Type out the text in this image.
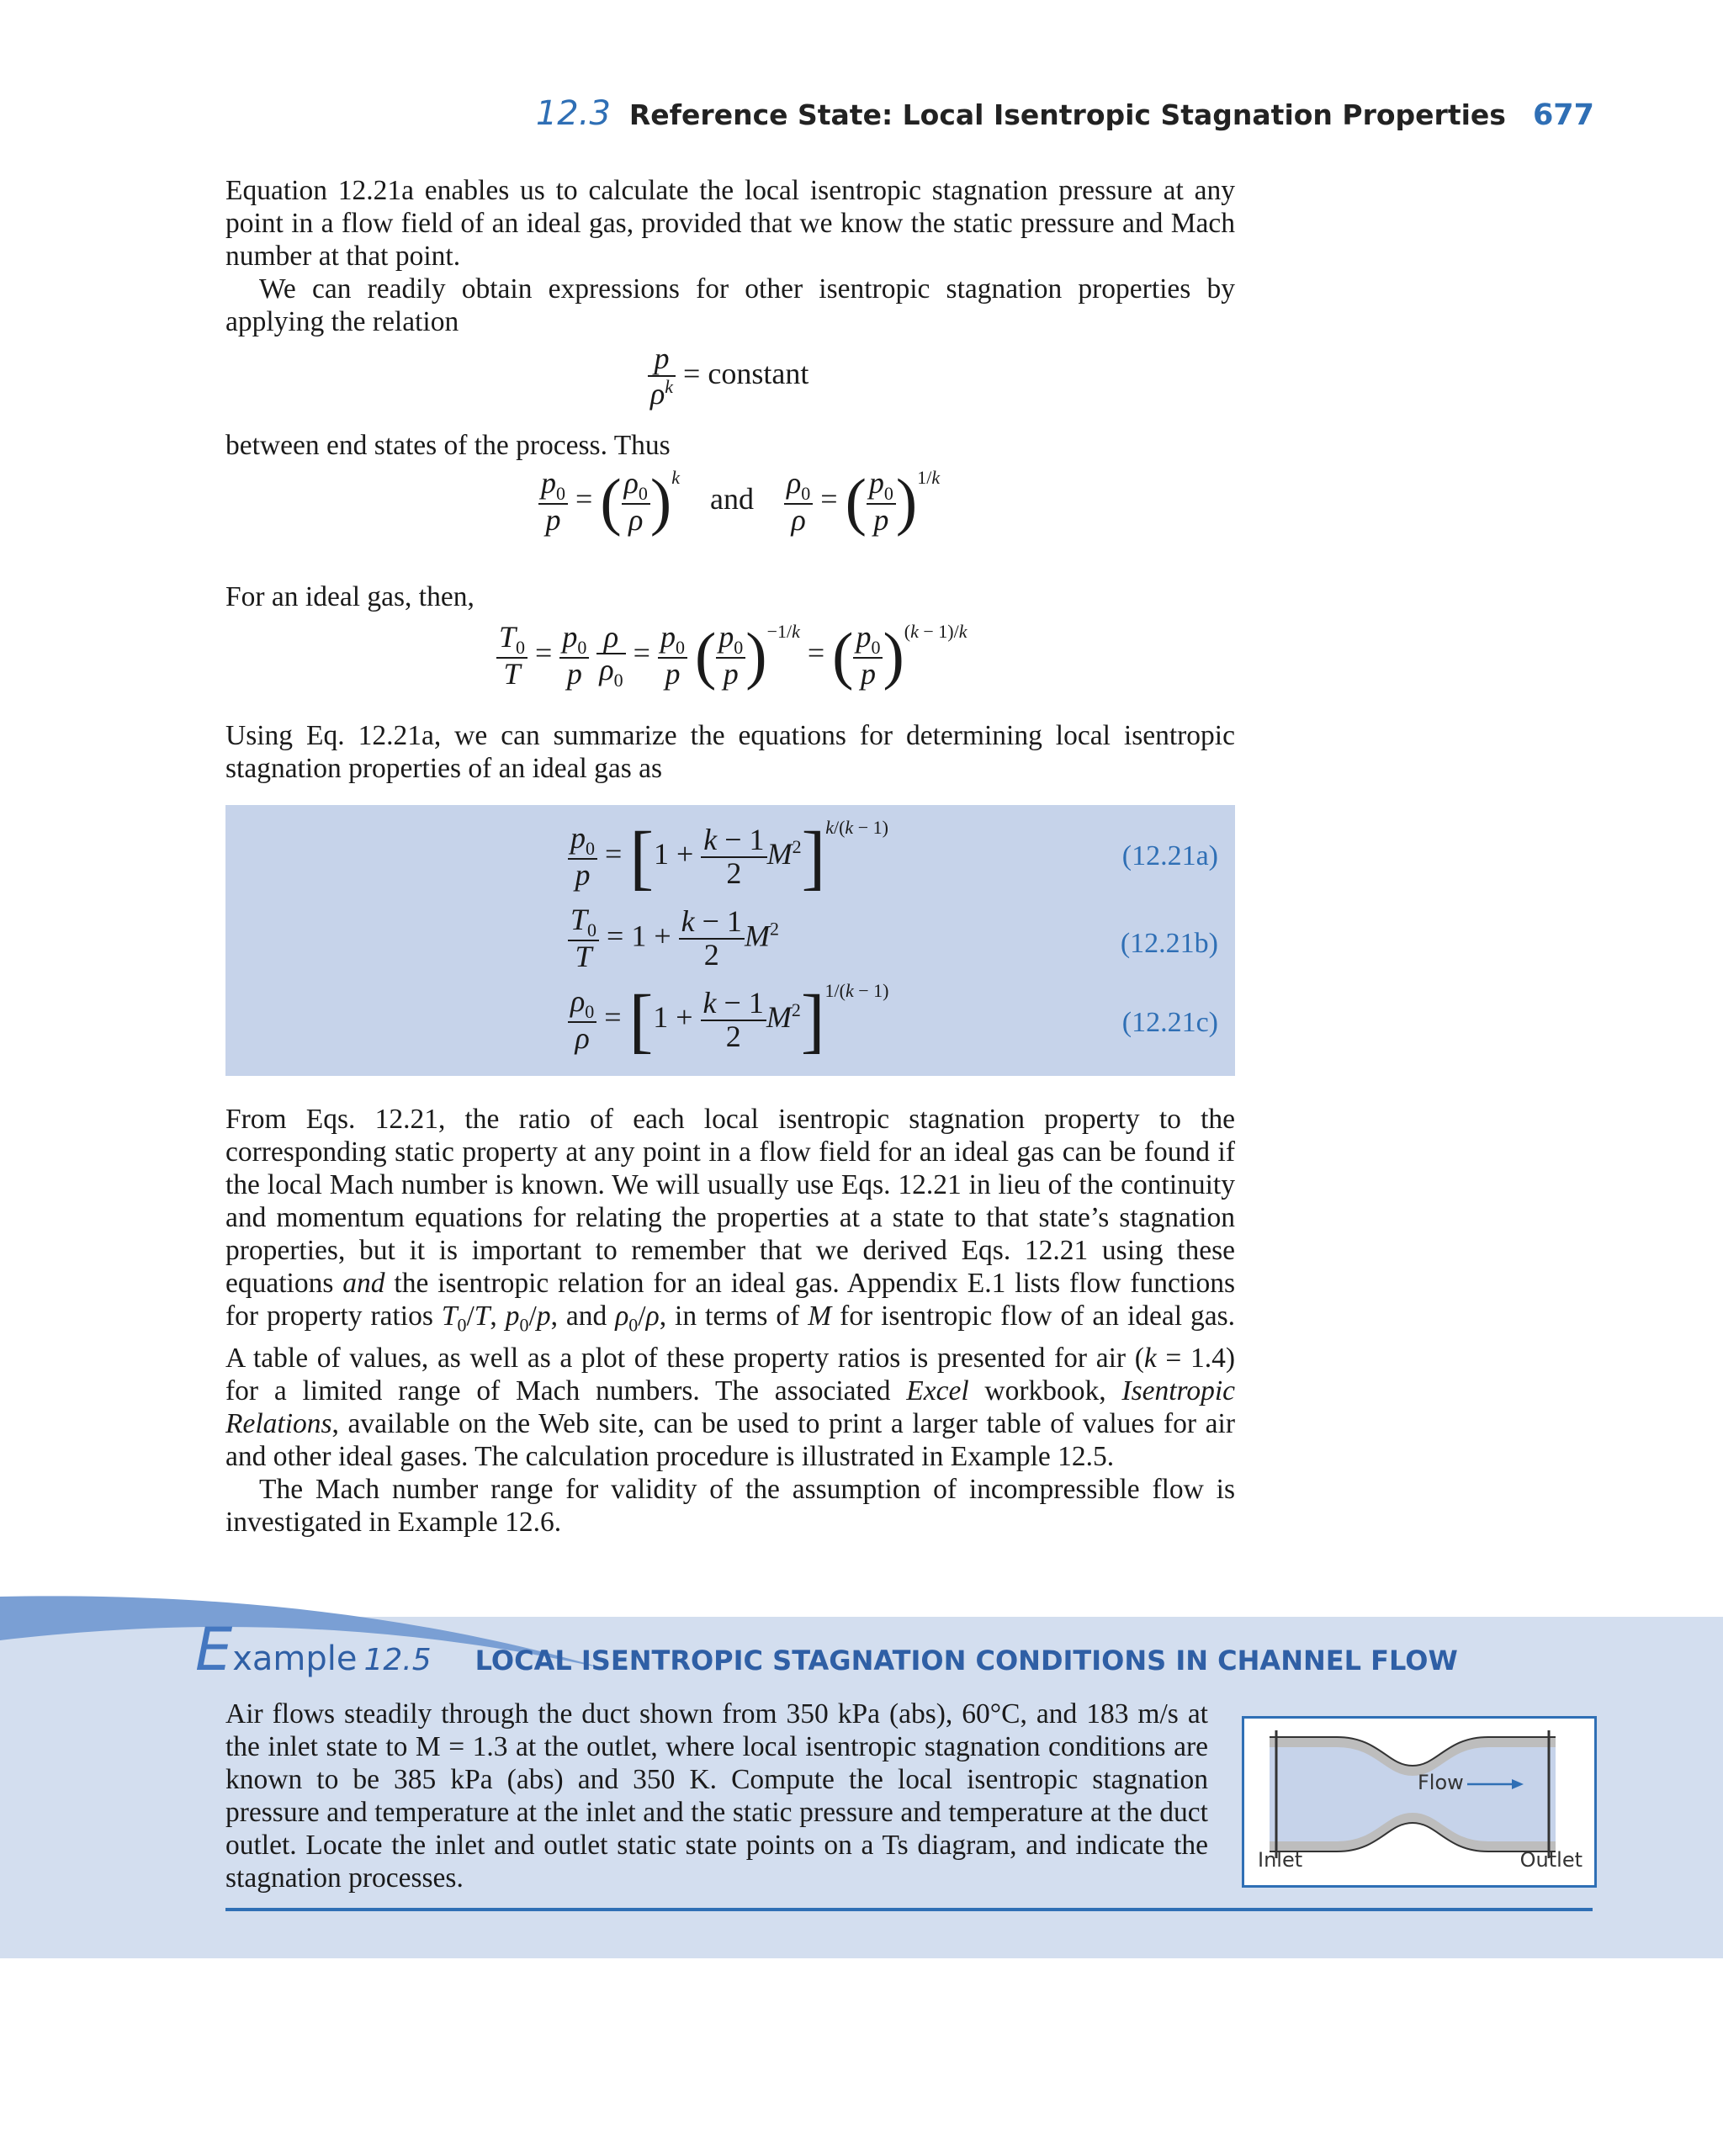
12.3 Reference State: Local Isentropic Stagnation Properties 677

Equation 12.21a enables us to calculate the local isentropic stagnation pressure at any point in a flow field of an ideal gas, provided that we know the static pressure and Mach number at that point.

We can readily obtain expressions for other isentropic stagnation properties by applying the relation

$\frac{p}{\rho^k}$ = constant

between end states of the process. Thus

$\frac{p_0}{p}$ = ( $\frac{\rho_0}{\rho} )^k$    and $\frac{\rho_0}{\rho}$ = ( $\frac{p_0}{p} )^{1/k}$

For an ideal gas, then,

$\frac{T_0}{T} = \frac{p_0}{p}$
$\frac{\rho}{\rho_0} = \frac{p_0}{p}$ ( $\frac{p_0}{p} )^{-1/k}$ = ( $\frac{p_0}{p} )^{(k - 1)/k}$

Using Eq. 12.21a, we can summarize the equations for determining local isentropic stagnation properties of an ideal gas as

$\frac{p_0}{p} = [1 + \frac{k - 1}{2} M^2]^{k/(k - 1)}$
(12.21a)
$\frac{T_0}{T} = 1 + \frac{k - 1}{2} M^2$	(12.21b)
$\frac{\rho_0}{\rho} = [1 + \frac{k - 1}{2} M^2]^{1/(k - 1)}$
(12.21c)

From Eqs. 12.21, the ratio of each local isentropic stagnation property to the corresponding static property at any point in a flow field for an ideal gas can be found if the local Mach number is known. We will usually use Eqs. 12.21 in lieu of the continuity and momentum equations for relating the properties at a state to that state’s stagnation properties, but it is important to remember that we derived Eqs. 12.21 using these equations and the isentropic relation for an ideal gas. Appendix E.1 lists flow functions for property ratios $T_0/T$, $p_0/p$, and $\rho_0/\rho$, in terms of M for isentropic flow of an ideal gas. A table of values, as well as a plot of these property ratios is presented for air (k = 1.4) for a limited range of Mach numbers. The associated Excel workbook, Isentropic Relations, available on the Web site, can be used to print a larger table of values for air and other ideal gases. The calculation procedure is illustrated in Example 12.5.

The Mach number range for validity of the assumption of incompressible flow is investigated in Example 12.6.

Example 12.5 LOCAL ISENTROPIC STAGNATION CONDITIONS IN CHANNEL FLOW
Air flows steadily through the duct shown from 350 kPa (abs), 60°C, and 183 m/s at the inlet state to M = 1.3 at the outlet, where local isentropic stagnation conditions are known to be 385 kPa (abs) and 350 K. Compute the local isentropic stagnation pressure and temperature at the inlet and the static pressure and temperature at the duct outlet. Locate the inlet and outlet static state points on a Ts diagram, and indicate the stagnation processes.
Flow
Inlet	Outlet
